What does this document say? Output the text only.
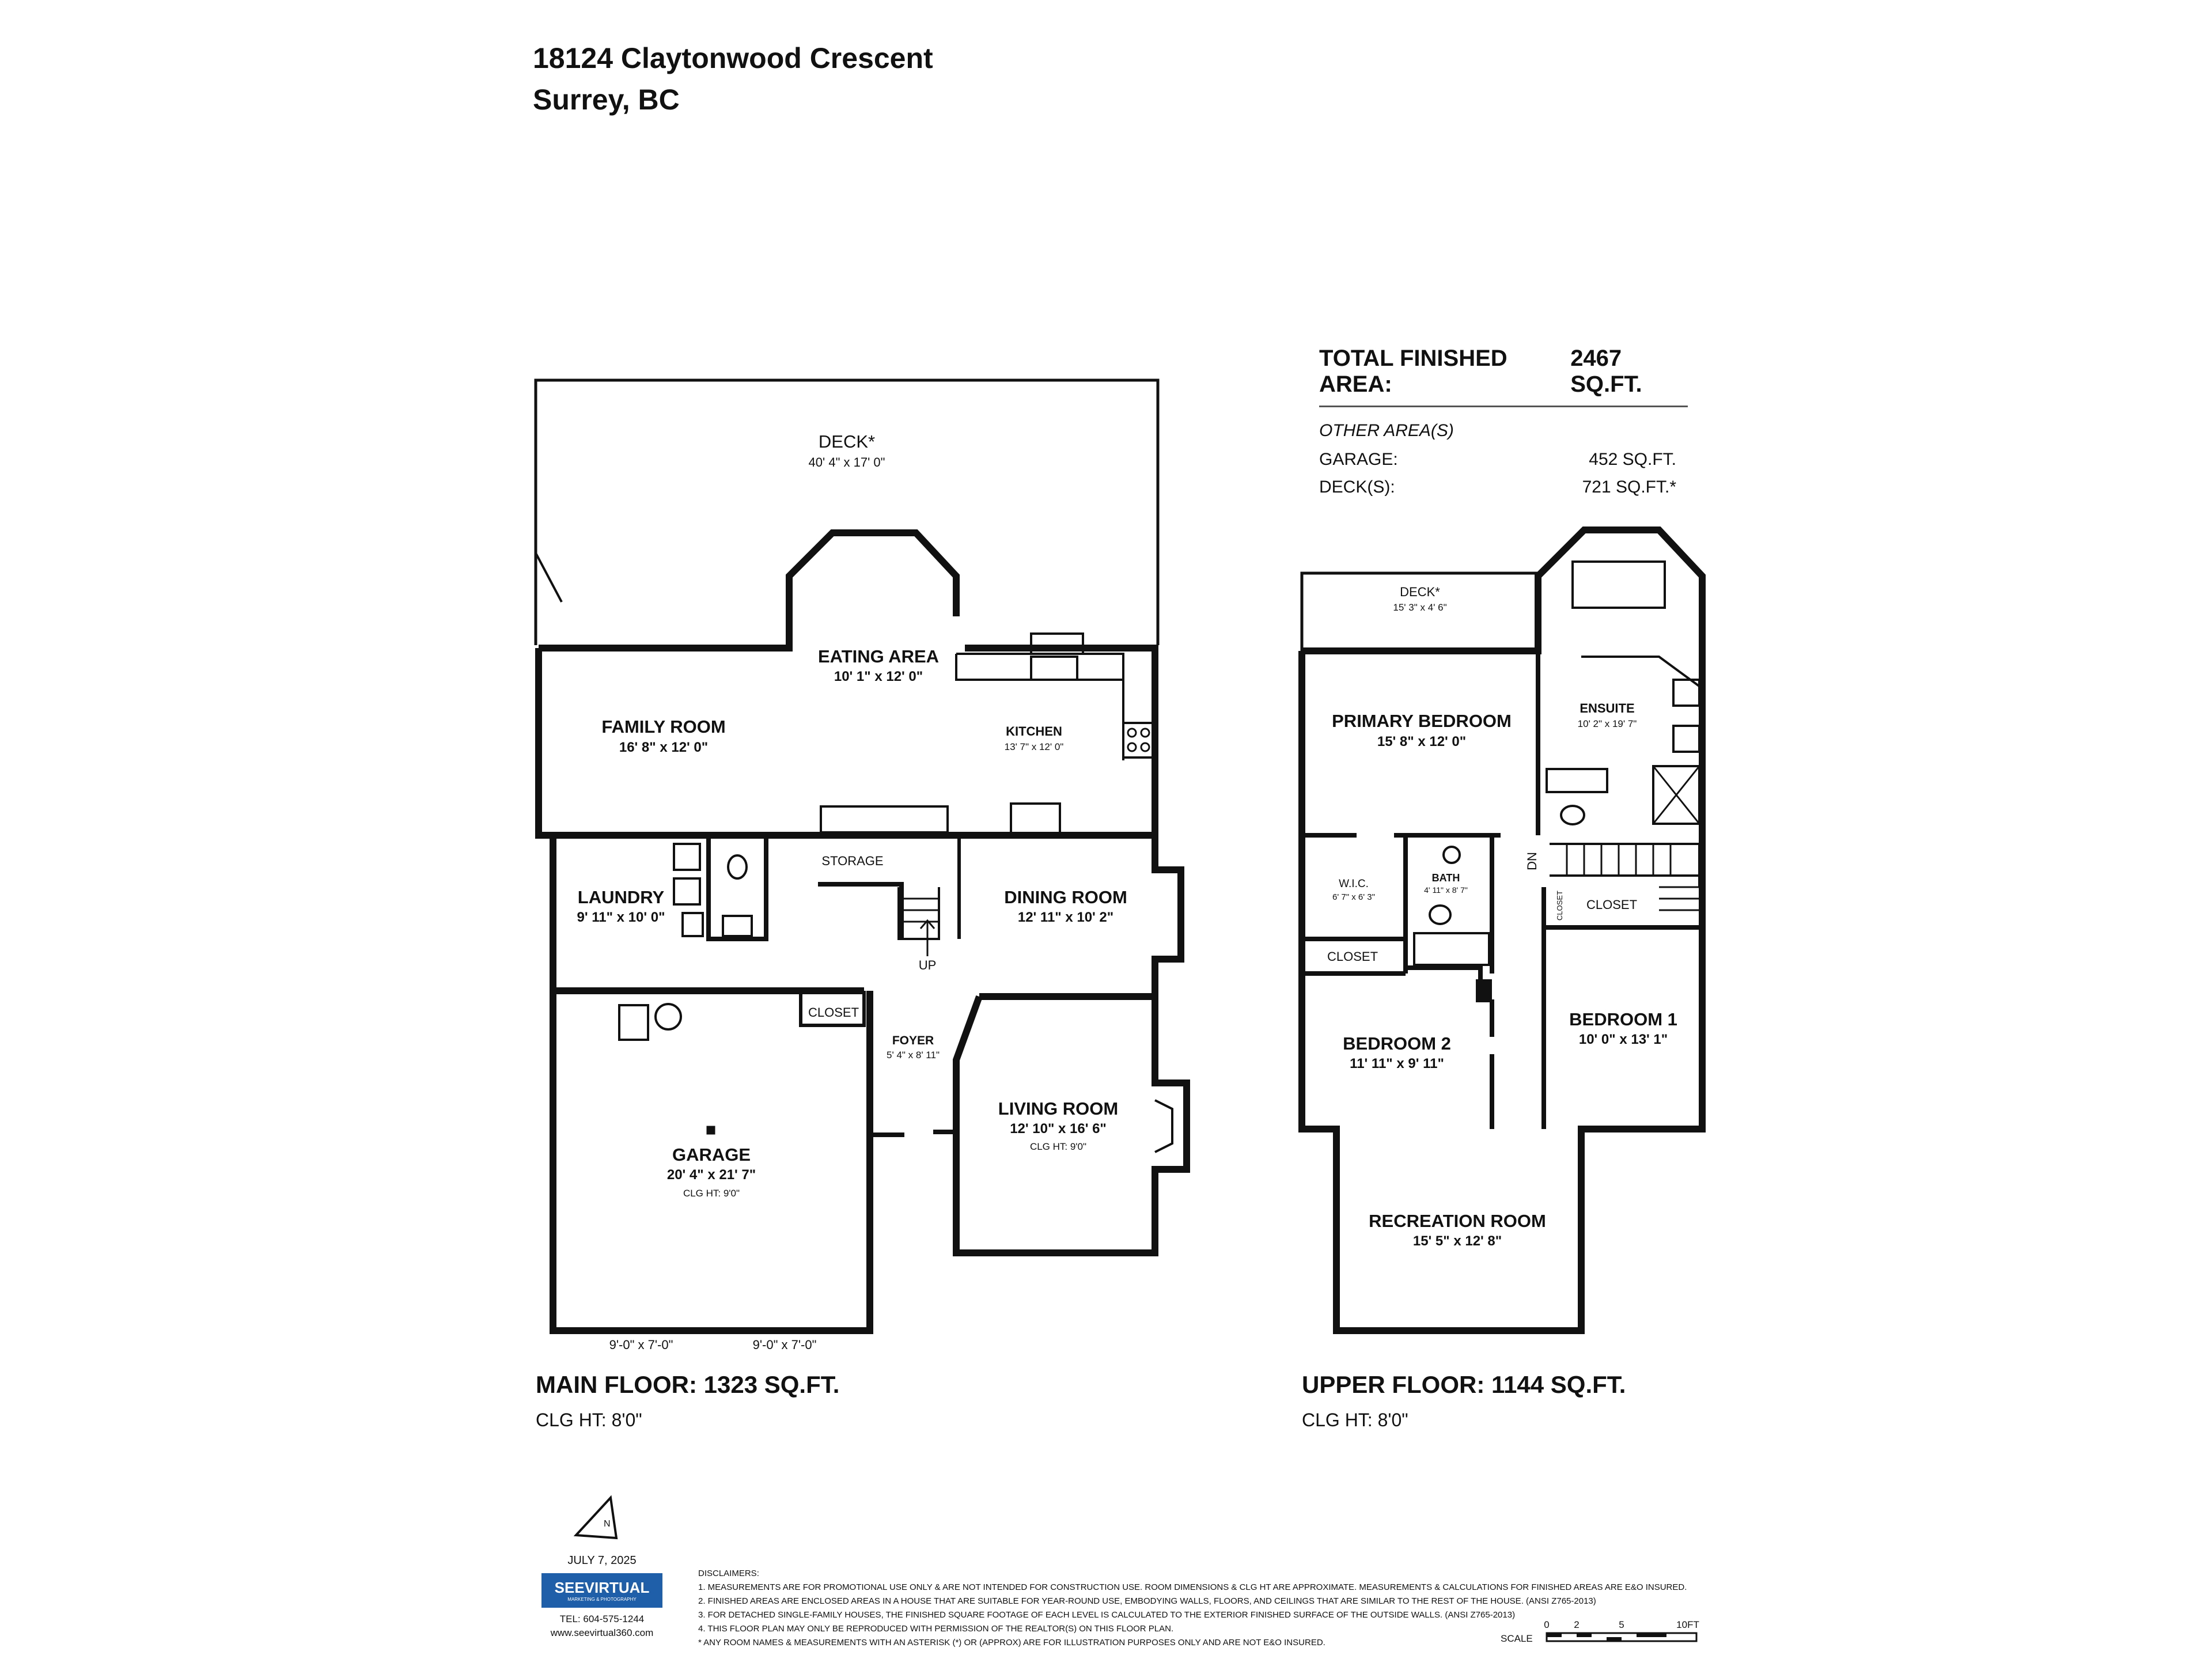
18124 Claytonwood Crescent
Surrey, BC
TOTAL FINISHED AREA:
2467 SQ.FT.
OTHER AREA(S)
GARAGE:	452 SQ.FT.
DECK(S):	721 SQ.FT.*
DECK*
40' 4" x 17' 0"
EATING AREA
10' 1" x 12' 0"
FAMILY ROOM
16' 8" x 12' 0"
KITCHEN
13' 7" x 12' 0"
STORAGE
LAUNDRY
9' 11" x 10' 0"
DINING ROOM
12' 11" x 10' 2"
UP
CLOSET
FOYER
5' 4" x 8' 11"
LIVING ROOM
12' 10" x 16' 6"
CLG HT: 9'0"
GARAGE
20' 4" x 21' 7"
CLG HT: 9'0"
9'-0" x 7'-0"	9'-0" x 7'-0"
DECK*
15' 3" x 4' 6"
PRIMARY BEDROOM
15' 8" x 12' 0"
ENSUITE
10' 2" x 19' 7"
W.I.C.
6' 7" x 6' 3"
BATH
4' 11" x 8' 7"
DN
CLOSET CLOSET
CLOSET
BEDROOM 2
11' 11" x 9' 11"
BEDROOM 1
10' 0" x 13' 1"
RECREATION ROOM
15' 5" x 12' 8"
N
0	2	5	10FT
SCALE
MAIN FLOOR: 1323 SQ.FT.
CLG HT: 8'0"
UPPER FLOOR: 1144 SQ.FT.
CLG HT: 8'0"
JULY 7, 2025
SEEVIRTUAL
MARKETING & PHOTOGRAPHY
TEL: 604-575-1244
www.seevirtual360.com
DISCLAIMERS:
1. MEASUREMENTS ARE FOR PROMOTIONAL USE ONLY & ARE NOT INTENDED FOR CONSTRUCTION USE. ROOM DIMENSIONS & CLG HT ARE APPROXIMATE. MEASUREMENTS & CALCULATIONS FOR FINISHED AREAS ARE E&O INSURED.
2. FINISHED AREAS ARE ENCLOSED AREAS IN A HOUSE THAT ARE SUITABLE FOR YEAR-ROUND USE, EMBODYING WALLS, FLOORS, AND CEILINGS THAT ARE SIMILAR TO THE REST OF THE HOUSE. (ANSI Z765-2013)
3. FOR DETACHED SINGLE-FAMILY HOUSES, THE FINISHED SQUARE FOOTAGE OF EACH LEVEL IS CALCULATED TO THE EXTERIOR FINISHED SURFACE OF THE OUTSIDE WALLS. (ANSI Z765-2013)
4. THIS FLOOR PLAN MAY ONLY BE REPRODUCED WITH PERMISSION OF THE REALTOR(S) ON THIS FLOOR PLAN.
* ANY ROOM NAMES & MEASUREMENTS WITH AN ASTERISK (*) OR (APPROX) ARE FOR ILLUSTRATION PURPOSES ONLY AND ARE NOT E&O INSURED.
